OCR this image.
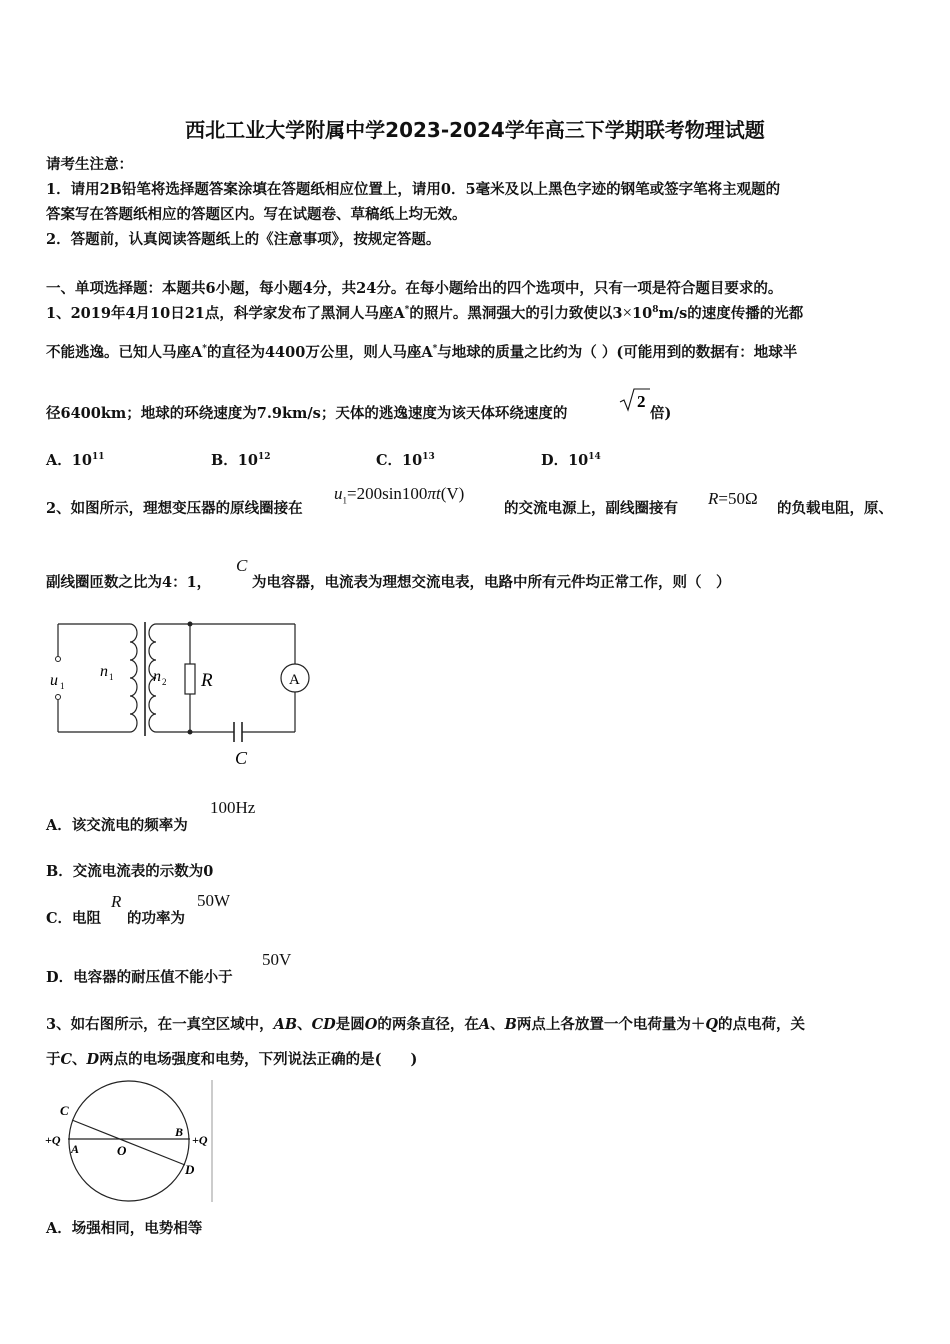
西北工业大学附属中学2023-2024学年高三下学期联考物理试题
请考生注意：
1．请用2B铅笔将选择题答案涂填在答题纸相应位置上，请用0．5毫米及以上黑色字迹的钢笔或签字笔将主观题的
答案写在答题纸相应的答题区内。写在试题卷、草稿纸上均无效。
2．答题前，认真阅读答题纸上的《注意事项》，按规定答题。
一、单项选择题：本题共6小题，每小题4分，共24分。在每小题给出的四个选项中，只有一项是符合题目要求的。
1、2019年4月10日21点，科学家发布了黑洞人马座A*的照片。黑洞强大的引力致使以$3\times 10^8m/s$的速度传播的光都
不能逃逸。已知人马座A*的直径为4400万公里，则人马座A*与地球的质量之比约为（ ）(可能用到的数据有：地球半
径6400km；地球的环绕速度为7.9km/s；天体的逃逸速度为该天体环绕速度的
2
倍)
A．$10^{11}$	B．$10^{12}$	C．$10^{13}$	D．$10^{14}$
2、如图所示，理想变压器的原线圈接在
$u_1=200\sin 100\pi t(V)$
的交流电源上，副线圈接有
R=50Ω
的负载电阻，原、
副线圈匝数之比为4：1，
C
为电容器，电流表为理想交流电表，电路中所有元件均正常工作，则（　）
u 1
n 1 n 2 R	A
C
A．该交流电的频率为
100Hz
B．交流电流表的示数为0
C．电阻
R
的功率为
50W
D．电容器的耐压值不能小于
50V
3、如右图所示，在一真空区域中，AB、CD是圆O的两条直径，在A、B两点上各放置一个电荷量为＋Q的点电荷，关
于C、D两点的电场强度和电势，下列说法正确的是(　　)
C
+Q
A	O
B
+Q
D
A．场强相同，电势相等
